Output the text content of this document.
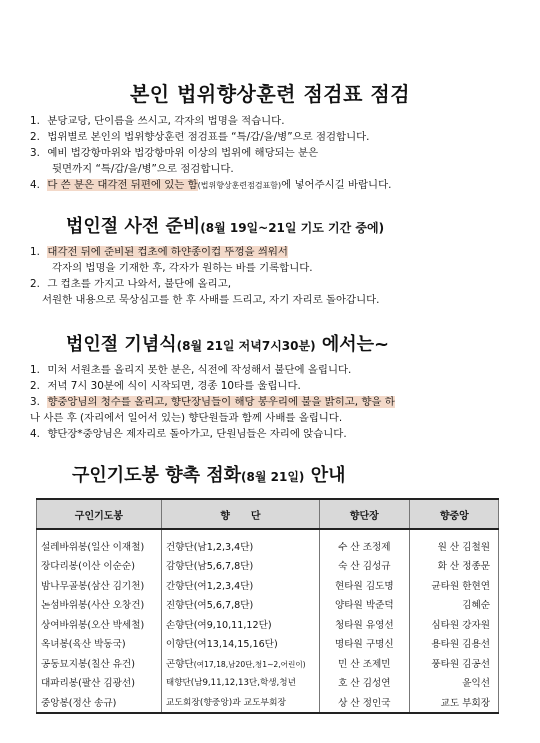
본인 법위향상훈련 점검표 점검
1. 분당교당, 단이름을 쓰시고, 각자의 법명을 적습니다.
2. 법위별로 본인의 법위향상훈련 점검표를 “특/갑/을/병”으로 점검합니다.
3. 예비 법강항마위와 법강항마위 이상의 법위에 해당되는 분은
뒷면까지 “특/갑/을/병”으로 점검합니다.
4. 다 쓴 분은 대각전 뒤편에 있는 함(법위향상훈련점검표함)에 넣어주시길 바랍니다.
법인절 사전 준비(8월 19일~21일 기도 기간 중에)
1. 대각전 뒤에 준비된 컵초에 하얀종이컵 뚜껑을 씌워서
각자의 법명을 기재한 후, 각자가 원하는 바를 기록합니다.
2. 그 컵초를 가지고 나와서, 불단에 올리고,
서원한 내용으로 묵상심고를 한 후 사배를 드리고, 자기 자리로 돌아갑니다.
법인절 기념식(8월 21일 저녁7시30분) 에서는~
1. 미처 서원초를 올리지 못한 분은, 식전에 작성해서 불단에 올립니다.
2. 저녁 7시 30분에 식이 시작되면, 경종 10타를 울립니다.
3. 향중앙님의 청수를 올리고, 향단장님들이 해당 봉우리에 불을 밝히고, 향을 하
나 사른 후 (자리에서 일어서 있는) 향단원들과 함께 사배를 올립니다.
4. 향단장*중앙님은 제자리로 돌아가고, 단원님들은 자리에 앉습니다.
구인기도봉 향촉 점화(8월 21일) 안내
구인기도봉	향      단	향단장	향중앙
설레바위봉(일산 이재철)	건향단(남1,2,3,4단)	수 산 조정제	원 산 김철원
장다리봉(이산 이순순)	감향단(남5,6,7,8단)	숙 산 김성규	화 산 정종문
밤나무골봉(삼산 김기천)	간향단(여1,2,3,4단)	현타원 김도명	균타원 한현연
논섬바위봉(사산 오창건)	진향단(여5,6,7,8단)	양타원 박준덕	김혜순
상여바위봉(오산 박세철)	손향단(여9,10,11,12단)	청타원 유영선	심타원 강자원
옥녀봉(육산 박동국)	이향단(여13,14,15,16단)	명타원 구명신	용타원 김용선
공동묘지봉(칠산 유건)	곤향단(여17,18,남20단,청1~2,어린이)	민 산 조제민	풍타원 김공선
대파리봉(팔산 김광선)	태향단(남9,11,12,13단,학생,청년	호 산 김성연	윤익선
중앙봉(정산 송규)	교도회장(향중앙)과 교도부회장	상 산 정인국	교도 부회장
